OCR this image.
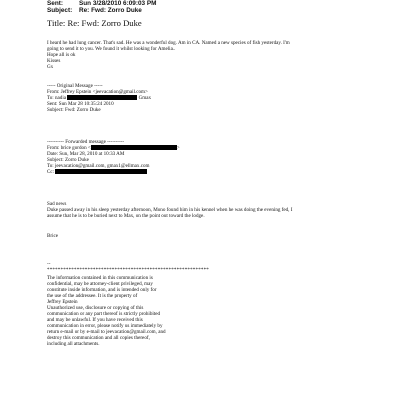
Sent:	Sun 3/28/2010 6:09:03 PM
Subject: Re: Fwd: Zorro Duke
Title: Re: Fwd: Zorro Duke
I heard he had lung cancer. That's sad. He was a wonderful dog. Am in CA. Named a new species of fish yesterday. I'm
going to send it to you. We found it whilst looking for Amelia..
Hope all is ok
Kisses
Gx
----- Original Message -----
From: Jeffrey Epstein <jeevacation@gmail.com>
To: nadia	Gmax
Sent: Sun Mar 28 10:35:24 2010
Subject: Fwd: Zorro Duke
---------- Forwarded message ----------
From: brice gordon <	>
Date: Sun, Mar 28, 2010 at 10:33 AM
Subject: Zorro Duke
To: jeevacation@gmail.com, gmax1@ellmax.com
Cc:
Sad news
Duke passed away in his sleep yesterday afternoon, Mono found him in his kennel when he was doing the evening fed, I
assume that he is to be buried next to Max, on the point out toward the lodge.
Brice
--
************************************************************
The information contained in this communication is
confidential, may be attorney-client privileged, may
constitute inside information, and is intended only for
the use of the addressee. It is the property of
Jeffrey Epstein
Unauthorized use, disclosure or copying of this
communication or any part thereof is strictly prohibited
and may be unlawful. If you have received this
communication in error, please notify us immediately by
return e-mail or by e-mail to jeevacation@gmail.com, and
destroy this communication and all copies thereof,
including all attachments.
